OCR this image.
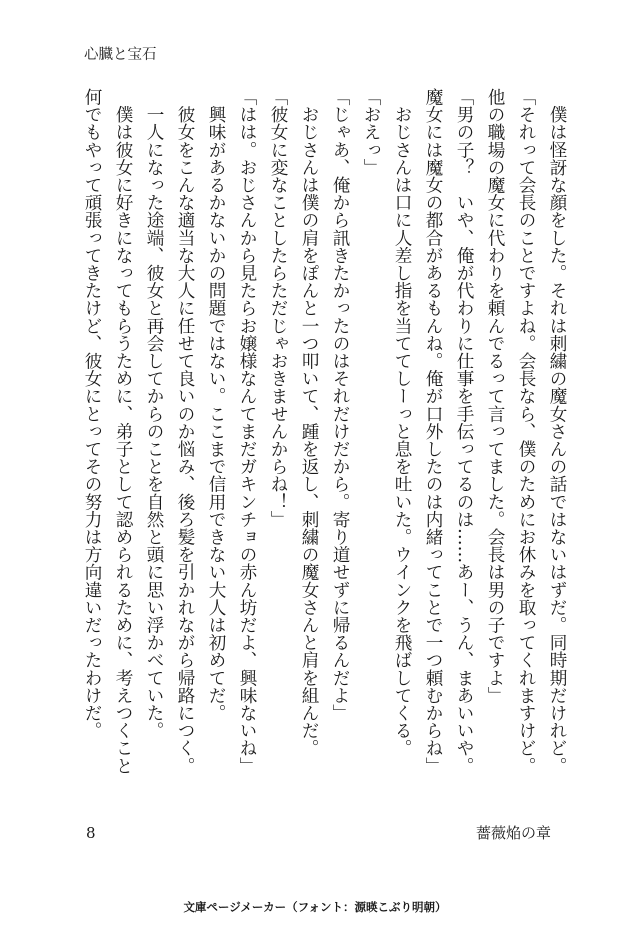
心臓と宝石

　僕は怪訝な顔をした。それは刺繍の魔女さんの話ではないはずだ。同時期だけれど。

「それって会長のことですよね。会長なら、僕のためにお休みを取ってくれますけど。

他の職場の魔女に代わりを頼んでるって言ってました。会長は男の子ですよ」

「男の子？　いや、俺が代わりに仕事を手伝ってるのは……あー、うん、まあいいや。

魔女には魔女の都合があるもんね。俺が口外したのは内緒ってことで一つ頼むからね」

　おじさんは口に人差し指を当ててしーっと息を吐いた。ウインクを飛ばしてくる。

「おえっ」

「じゃあ、俺から訊きたかったのはそれだけだから。寄り道せずに帰るんだよ」

　おじさんは僕の肩をぽんと一つ叩いて、踵を返し、刺繍の魔女さんと肩を組んだ。

「彼女に変なことしたらただじゃおきませんからね！」

「はは。おじさんから見たらお嬢様なんてまだガキンチョの赤ん坊だよ、興味ないね」

　興味があるかないかの問題ではない。ここまで信用できない大人は初めてだ。

　彼女をこんな適当な大人に任せて良いのか悩み、後ろ髪を引かれながら帰路につく。

　一人になった途端、彼女と再会してからのことを自然と頭に思い浮かべていた。

　僕は彼女に好きになってもらうために、弟子として認められるために、考えつくこと

何でもやって頑張ってきたけど、彼女にとってその努力は方向違いだったわけだ。

8	薔薇焔の章
文庫ページメーカー（フォント：源暎こぶり明朝）
